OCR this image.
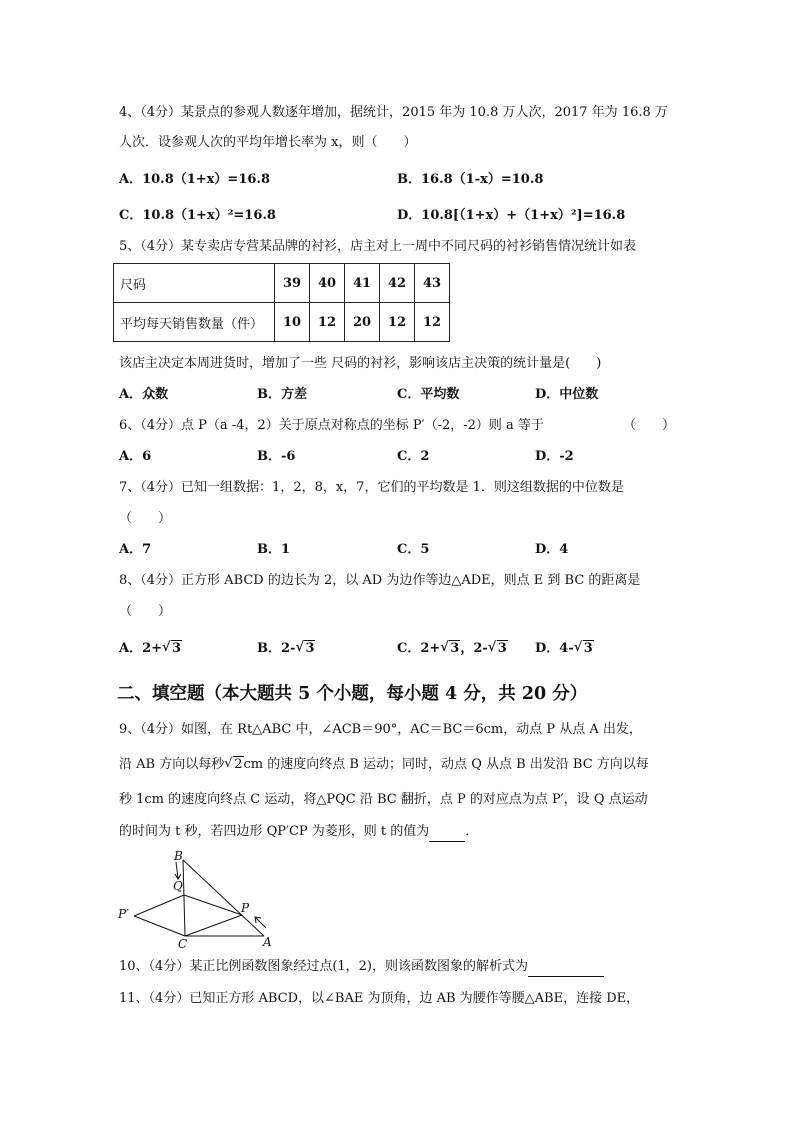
4、（4分）某景点的参观人数逐年增加，据统计，2015 年为 10.8 万人次，2017 年为 16.8 万
人次．设参观人次的平均年增长率为 x，则（　　）
A．10.8（1+x）=16.8	B．16.8（1-x）=10.8
C．10.8（1+x）²=16.8	D．10.8[（1+x）+（1+x）²]=16.8
5、（4分）某专卖店专营某品牌的衬衫，店主对上一周中不同尺码的衬衫销售情况统计如表
尺码	39	40	41	42	43
平均每天销售数量（件）	10	12	20	12	12
该店主决定本周进货时，增加了一些 尺码的衬衫，影响该店主决策的统计量是(　　)
A．众数	B．方差	C．平均数	D．中位数
6、（4分）点 P（a -4，2）关于原点对称点的坐标 P′（-2，-2）则 a 等于	（　　）
A．6	B．-6	C．2	D．-2
7、（4分）已知一组数据：1，2，8，x，7，它们的平均数是 1．则这组数据的中位数是
（　　）
A．7	B．1	C．5	D．4
8、（4分）正方形 ABCD 的边长为 2，以 AD 为边作等边△ADE，则点 E 到 BC 的距离是
（　　）
A．2+ √ 3	B．2- √ 3	C．2+ √ 3，2- √ 3 D．4- √ 3
二、填空题（本大题共 5 个小题，每小题 4 分，共 20 分）
9、（4分）如图，在 Rt△ABC 中，∠ACB＝90°，AC＝BC＝6cm，动点 P 从点 A 出发，
沿 AB 方向以每秒 √ 2cm 的速度向终点 B 运动；同时，动点 Q 从点 B 出发沿 BC 方向以每
秒 1cm 的速度向终点 C 运动，将△PQC 沿 BC 翻折，点 P 的对应点为点 P′，设 Q 点运动
的时间为 t 秒，若四边形 QP′CP 为菱形，则 t 的值为	．
B
Q
P′	P
C	A
10、（4分）某正比例函数图象经过点(1，2)，则该函数图象的解析式为
11、（4分）已知正方形 ABCD，以∠BAE 为顶角，边 AB 为腰作等腰△ABE，连接 DE，
